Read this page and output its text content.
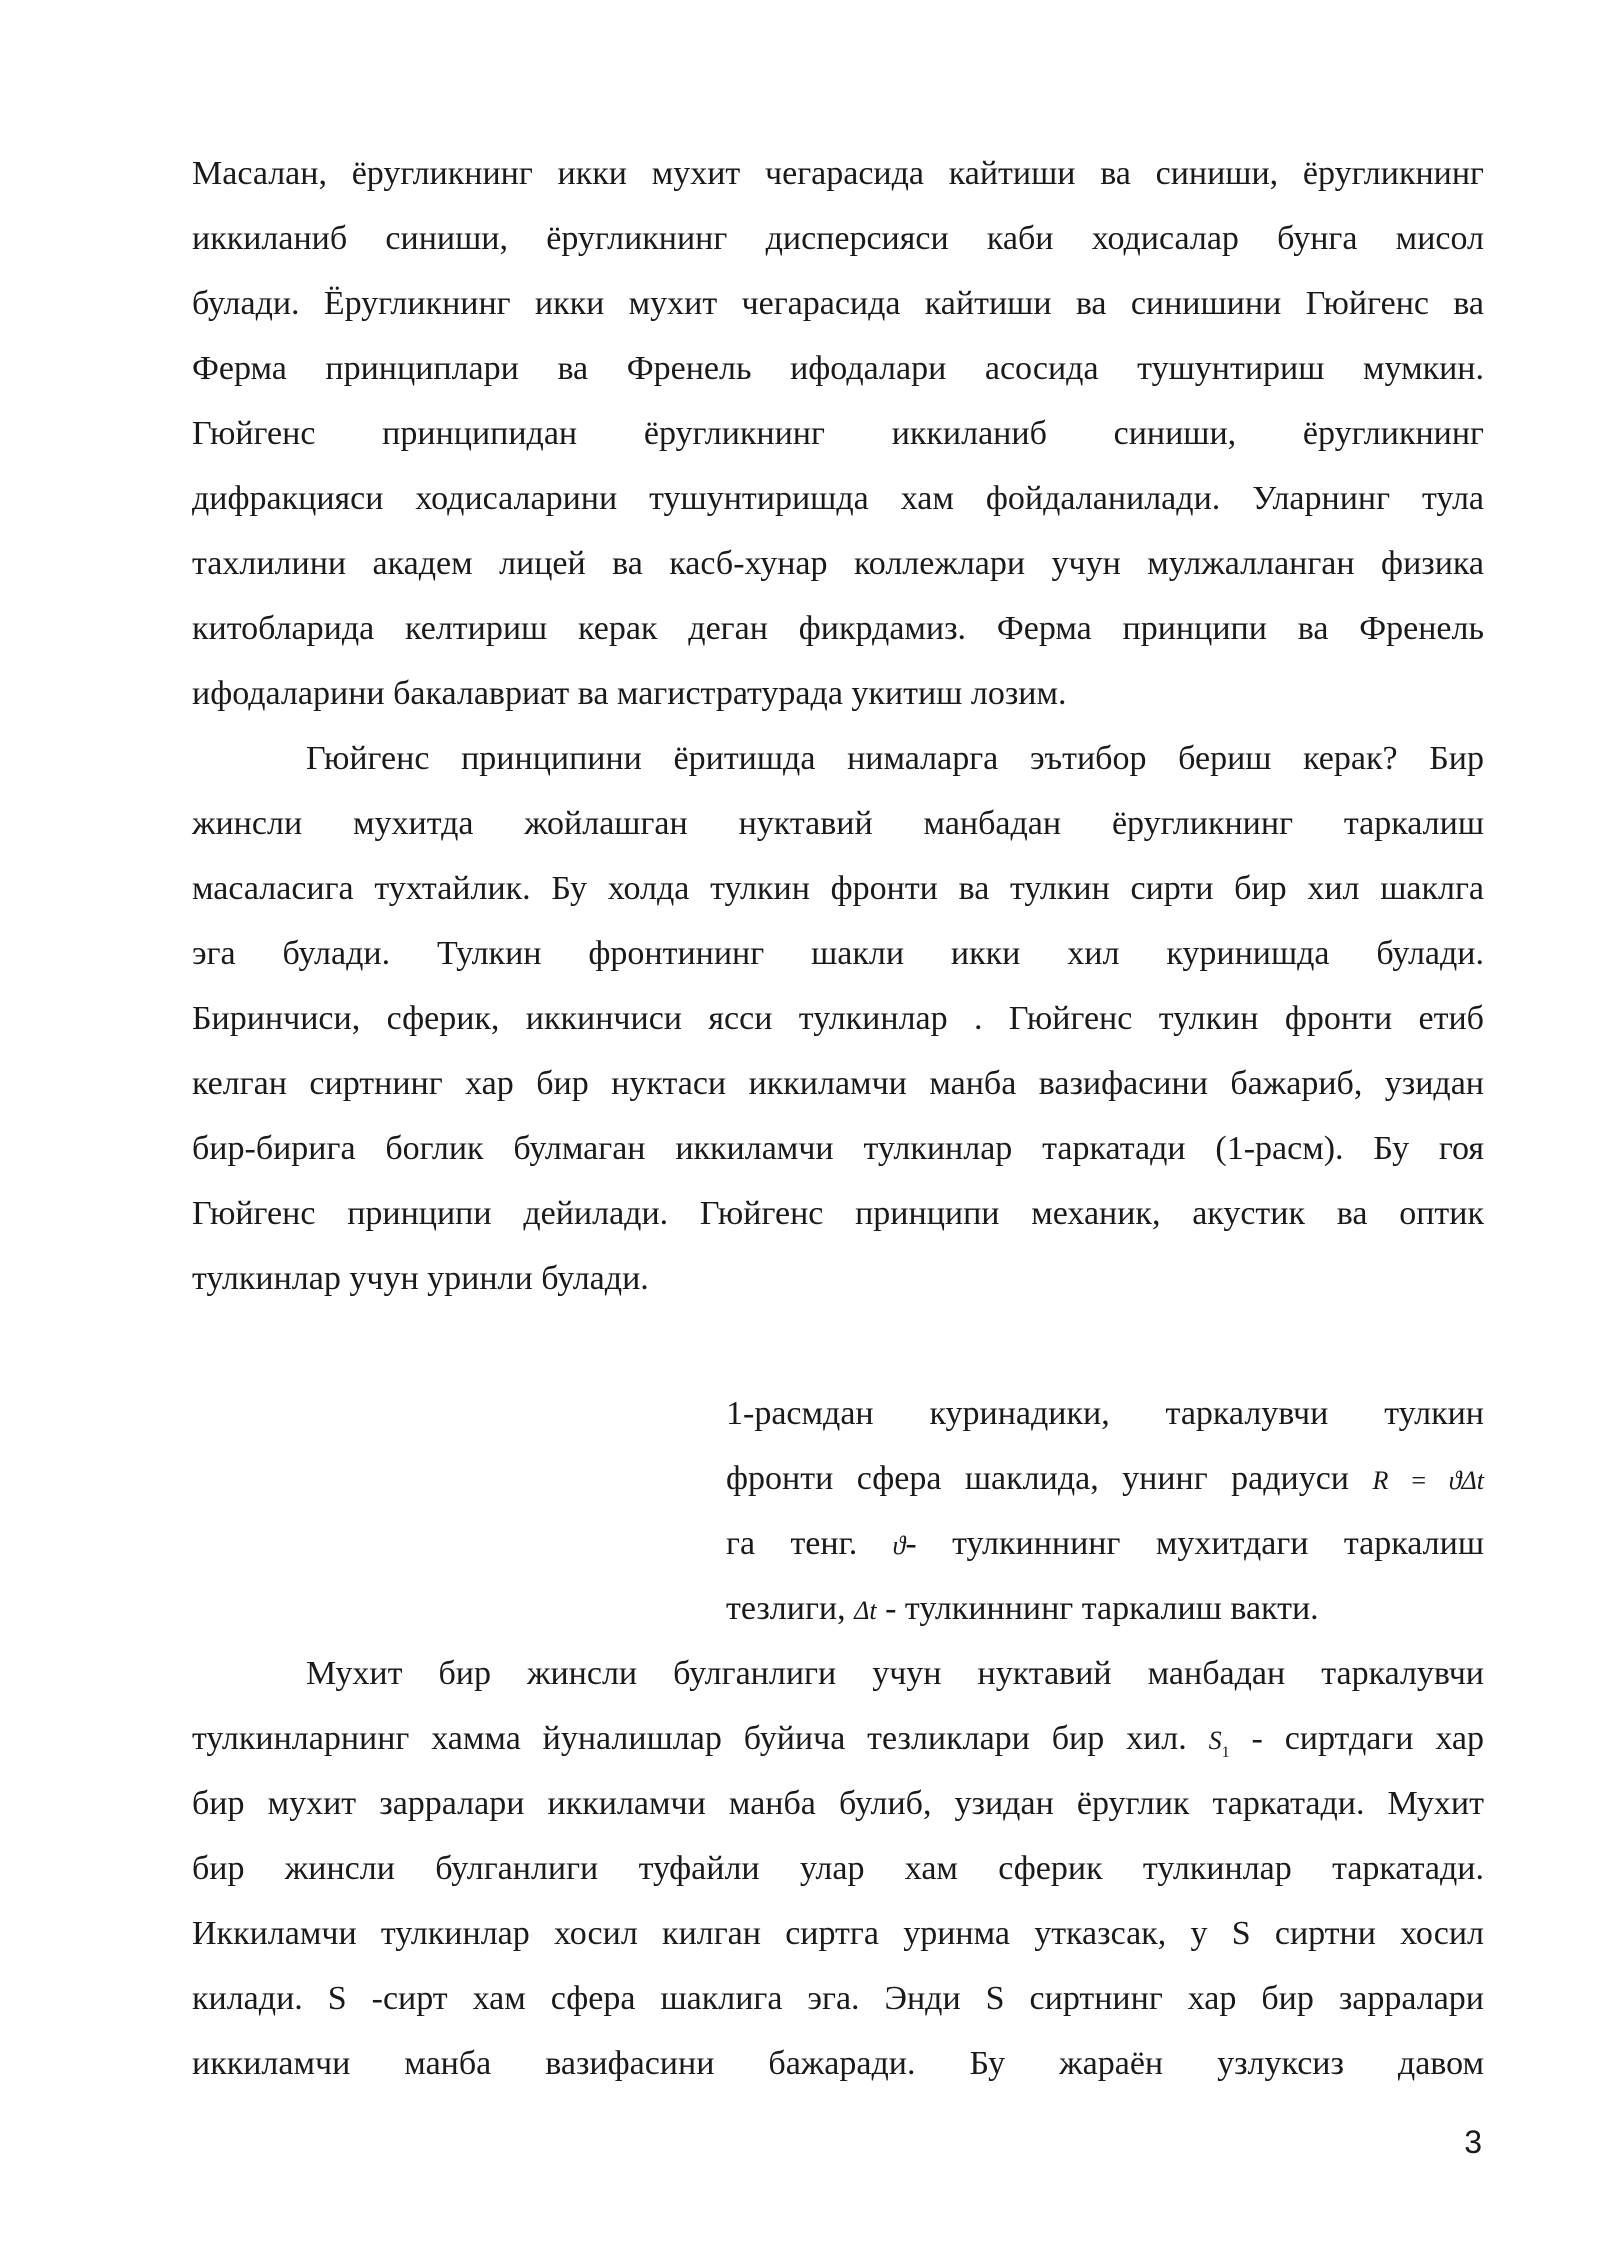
Масалан, ёругликнинг икки мухит чегарасида кайтиши ва синиши, ёругликнинг
иккиланиб синиши, ёругликнинг дисперсияси каби ходисалар бунга мисол
булади. Ёругликнинг икки мухит чегарасида кайтиши ва синишини Гюйгенс ва
Ферма принциплари ва Френель ифодалари асосида тушунтириш мумкин.
Гюйгенс принципидан ёругликнинг иккиланиб синиши, ёругликнинг
дифракцияси ходисаларини тушунтиришда хам фойдаланилади. Уларнинг тула
тахлилини академ лицей ва касб-хунар коллежлари учун мулжалланган физика
китобларида келтириш керак деган фикрдамиз. Ферма принципи ва Френель
ифодаларини бакалавриат ва магистратурада укитиш лозим.
Гюйгенс принципини ёритишда нималарга эътибор бериш керак? Бир
жинсли мухитда жойлашган нуктавий манбадан ёругликнинг таркалиш
масаласига тухтайлик. Бу холда тулкин фронти ва тулкин сирти бир хил шаклга
эга булади. Тулкин фронтининг шакли икки хил куринишда булади.
Биринчиси, сферик, иккинчиси ясси тулкинлар . Гюйгенс тулкин фронти етиб
келган сиртнинг хар бир нуктаси иккиламчи манба вазифасини бажариб, узидан
бир-бирига боглик булмаган иккиламчи тулкинлар таркатади (1-расм). Бу гоя
Гюйгенс принципи дейилади. Гюйгенс принципи механик, акустик ва оптик
тулкинлар учун уринли булади.
1-расмдан куринадики, таркалувчи тулкин
фронти сфера шаклида, унинг радиуси R = ϑΔt
га тенг. ϑ- тулкиннинг мухитдаги таркалиш
тезлиги, Δt - тулкиннинг таркалиш вакти.
Мухит бир жинсли булганлиги учун нуктавий манбадан таркалувчи
тулкинларнинг хамма йуналишлар буйича тезликлари бир хил. $S_1$ - сиртдаги хар
бир мухит зарралари иккиламчи манба булиб, узидан ёруглик таркатади. Мухит
бир жинсли булганлиги туфайли улар хам сферик тулкинлар таркатади.
Иккиламчи тулкинлар хосил килган сиртга уринма утказсак, у S сиртни хосил
килади. S -сирт хам сфера шаклига эга. Энди S сиртнинг хар бир зарралари
иккиламчи манба вазифасини бажаради. Бу жараён узлуксиз давом
3
